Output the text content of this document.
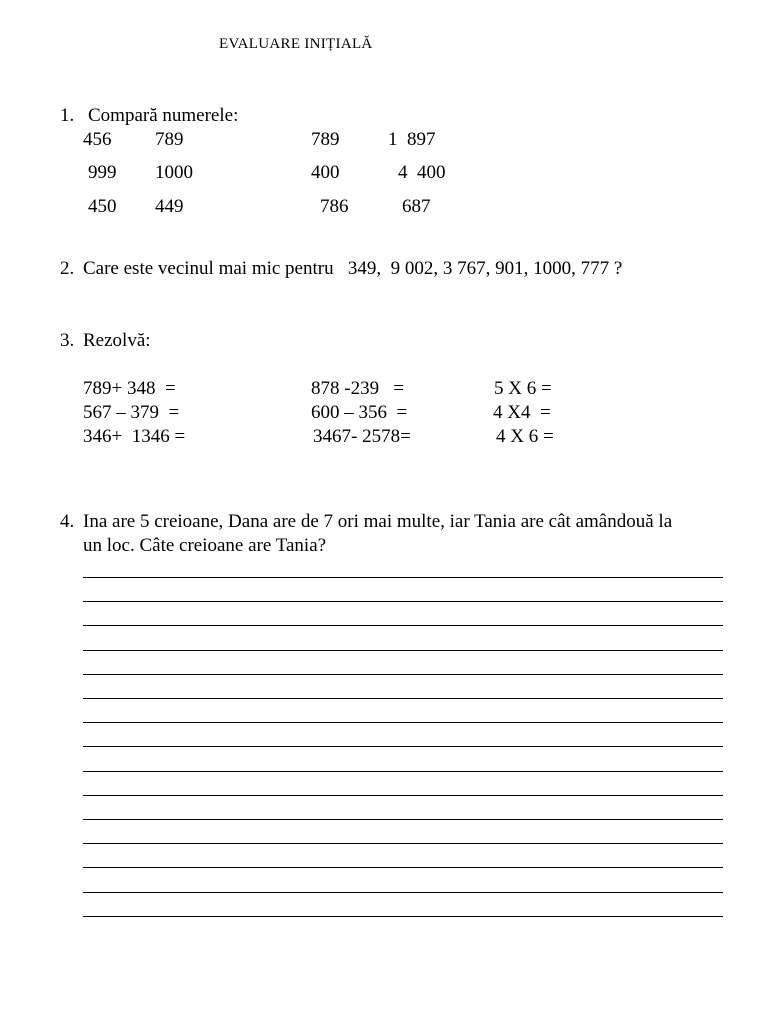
EVALUARE INIȚIALĂ
1. Compară numerele:
456 789	789	1  897
999 1000	400	4  400
450 449	786	687
2. Care este vecinul mai mic pentru   349,  9 002, 3 767, 901, 1000, 777 ?
3. Rezolvă:
789+ 348  =	878 -239   =	5 X 6 =
567 – 379  =	600 – 356  =	4 X4  =
346+  1346 =	3467- 2578=	4 X 6 =
4. Ina are 5 creioane, Dana are de 7 ori mai multe, iar Tania are cât amândouă la
un loc. Câte creioane are Tania?
